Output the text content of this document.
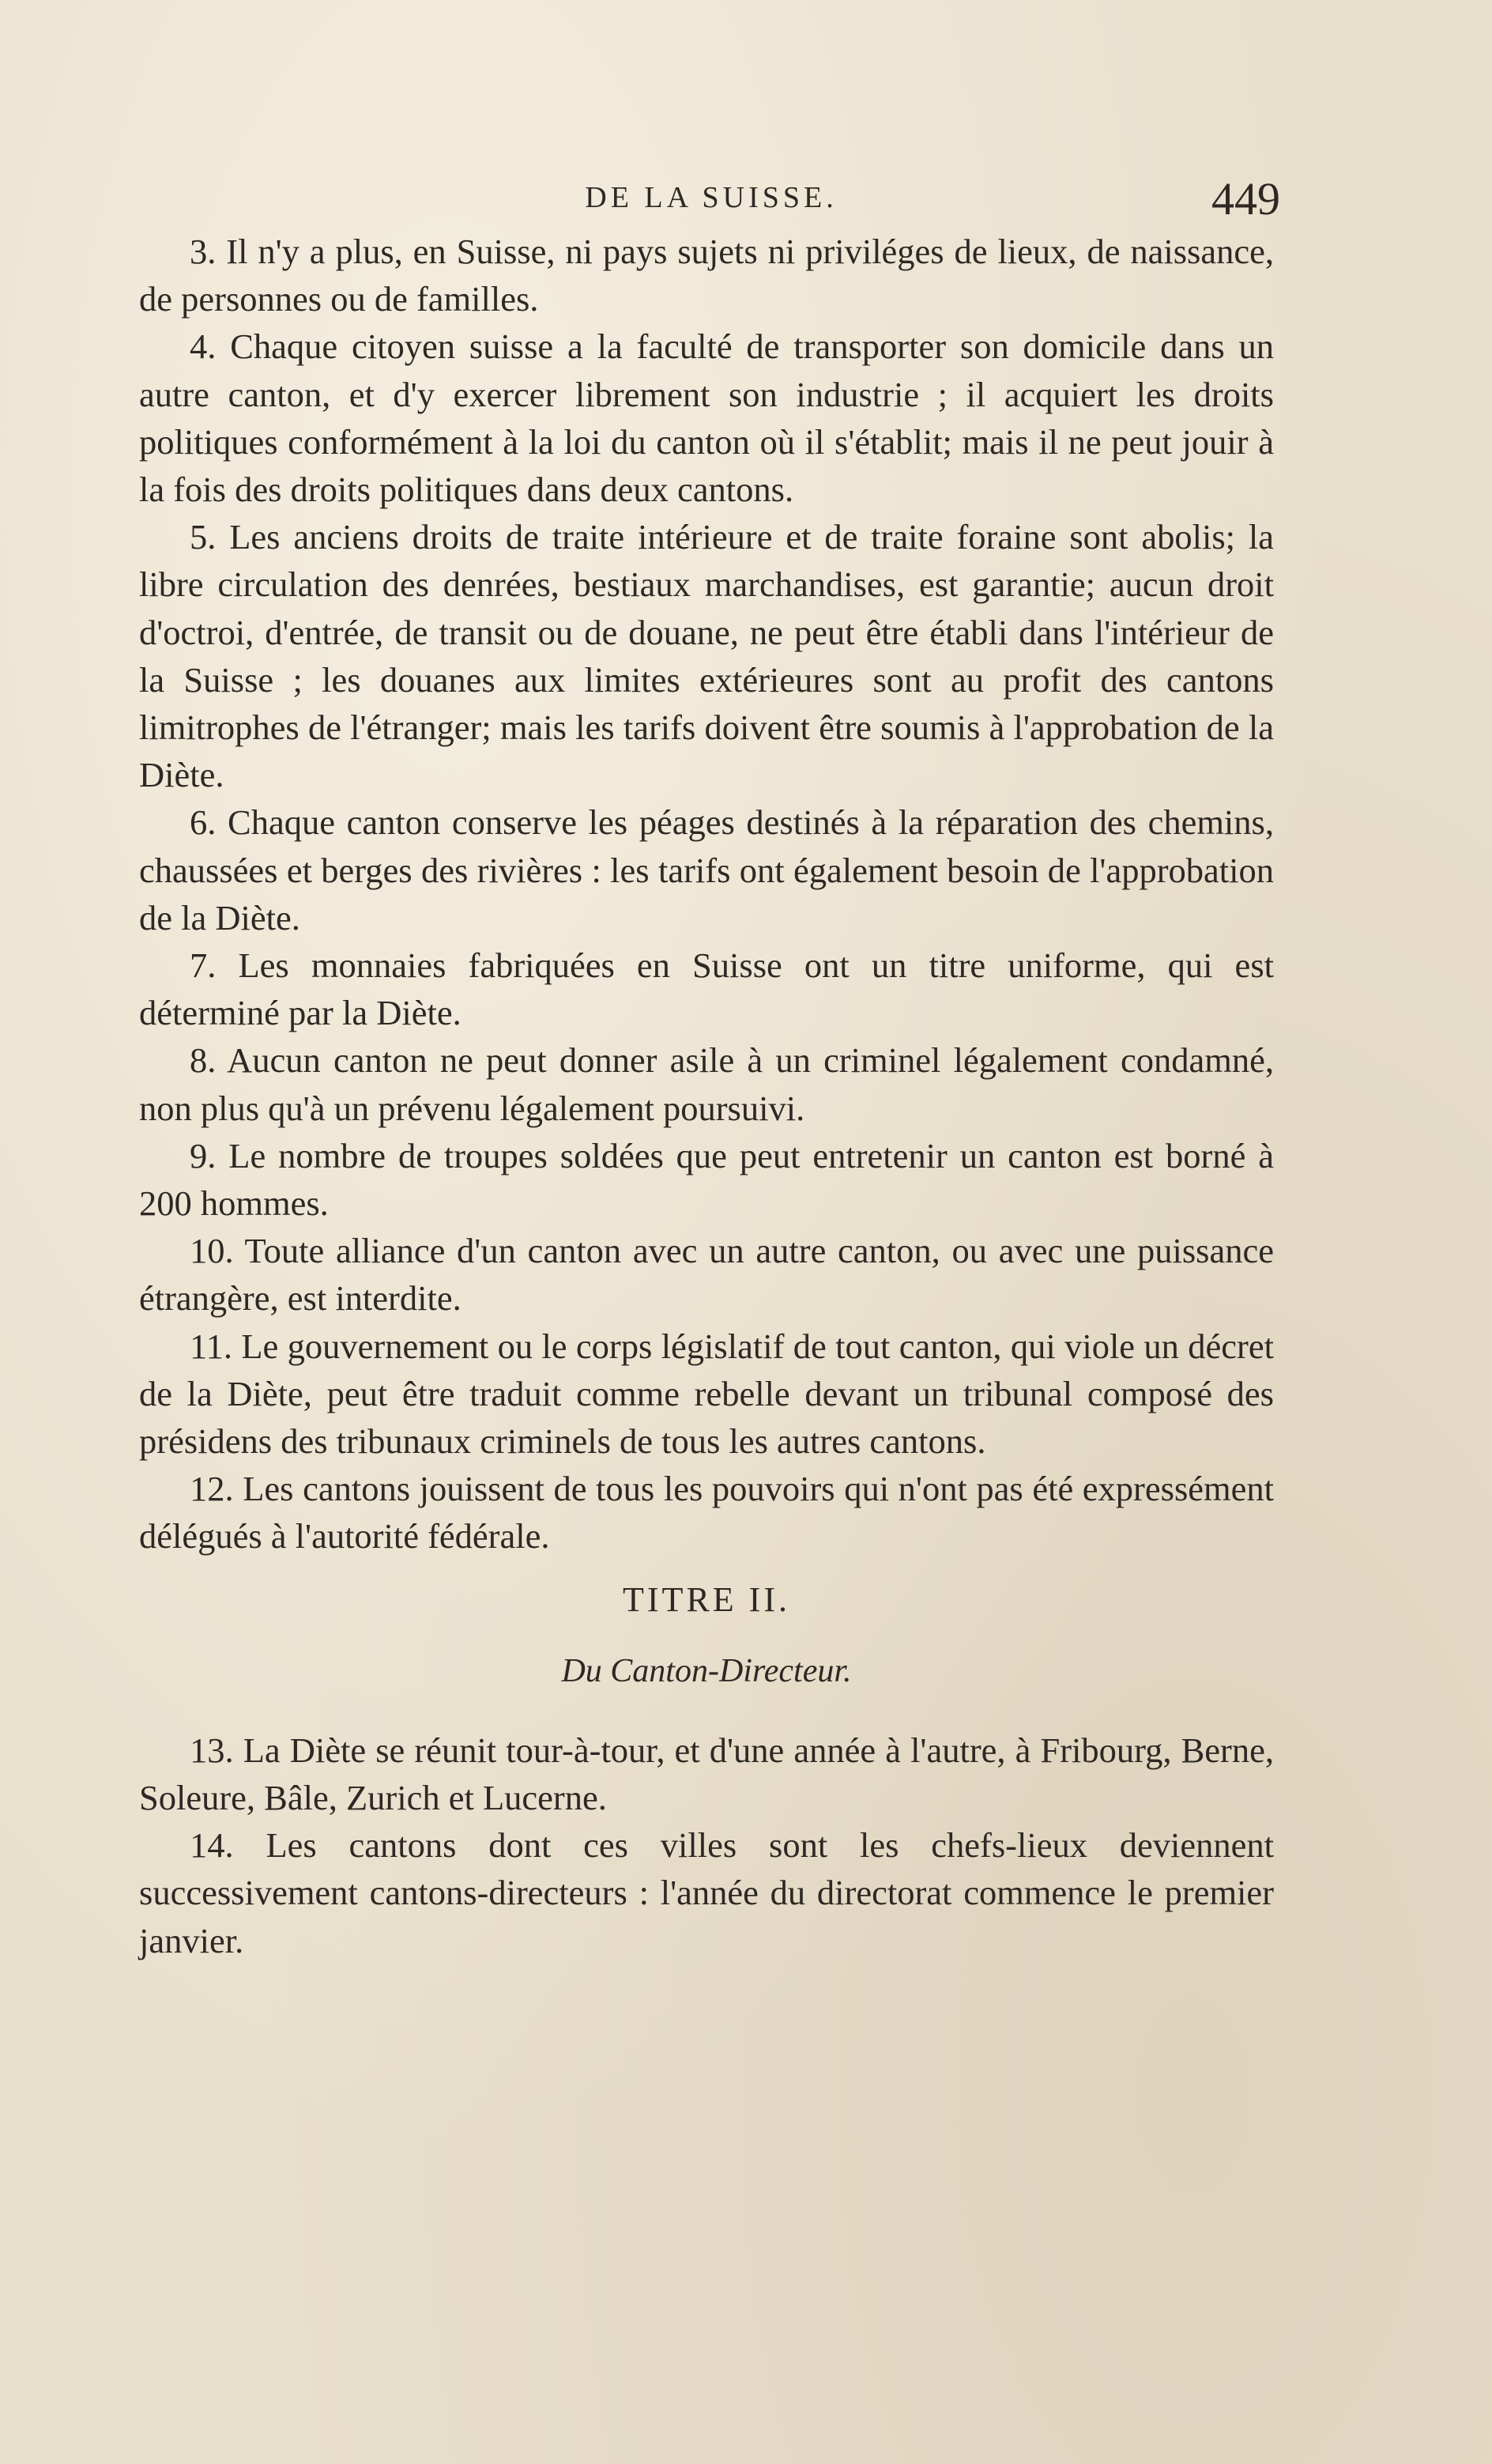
DE LA SUISSE.	449

3. Il n'y a plus, en Suisse, ni pays sujets ni priviléges de lieux, de naissance, de personnes ou de familles.

4. Chaque citoyen suisse a la faculté de transporter son domicile dans un autre canton, et d'y exercer librement son industrie ; il acquiert les droits politiques conformément à la loi du canton où il s'établit; mais il ne peut jouir à la fois des droits politiques dans deux cantons.

5. Les anciens droits de traite intérieure et de traite foraine sont abolis; la libre circulation des denrées, bestiaux marchandises, est garantie; aucun droit d'octroi, d'entrée, de transit ou de douane, ne peut être établi dans l'intérieur de la Suisse ; les douanes aux limites extérieures sont au profit des cantons limitrophes de l'étranger; mais les tarifs doivent être soumis à l'approbation de la Diète.

6. Chaque canton conserve les péages destinés à la réparation des chemins, chaussées et berges des rivières : les tarifs ont également besoin de l'approbation de la Diète.

7. Les monnaies fabriquées en Suisse ont un titre uniforme, qui est déterminé par la Diète.

8. Aucun canton ne peut donner asile à un criminel légalement condamné, non plus qu'à un prévenu légalement poursuivi.

9. Le nombre de troupes soldées que peut entretenir un canton est borné à 200 hommes.

10. Toute alliance d'un canton avec un autre canton, ou avec une puissance étrangère, est interdite.

11. Le gouvernement ou le corps législatif de tout canton, qui viole un décret de la Diète, peut être traduit comme rebelle devant un tribunal composé des présidens des tribunaux criminels de tous les autres cantons.

12. Les cantons jouissent de tous les pouvoirs qui n'ont pas été expressément délégués à l'autorité fédérale.

TITRE II.

Du Canton-Directeur.

13. La Diète se réunit tour-à-tour, et d'une année à l'autre, à Fribourg, Berne, Soleure, Bâle, Zurich et Lucerne.

14. Les cantons dont ces villes sont les chefs-lieux deviennent successivement cantons-directeurs : l'année du directorat commence le premier janvier.
